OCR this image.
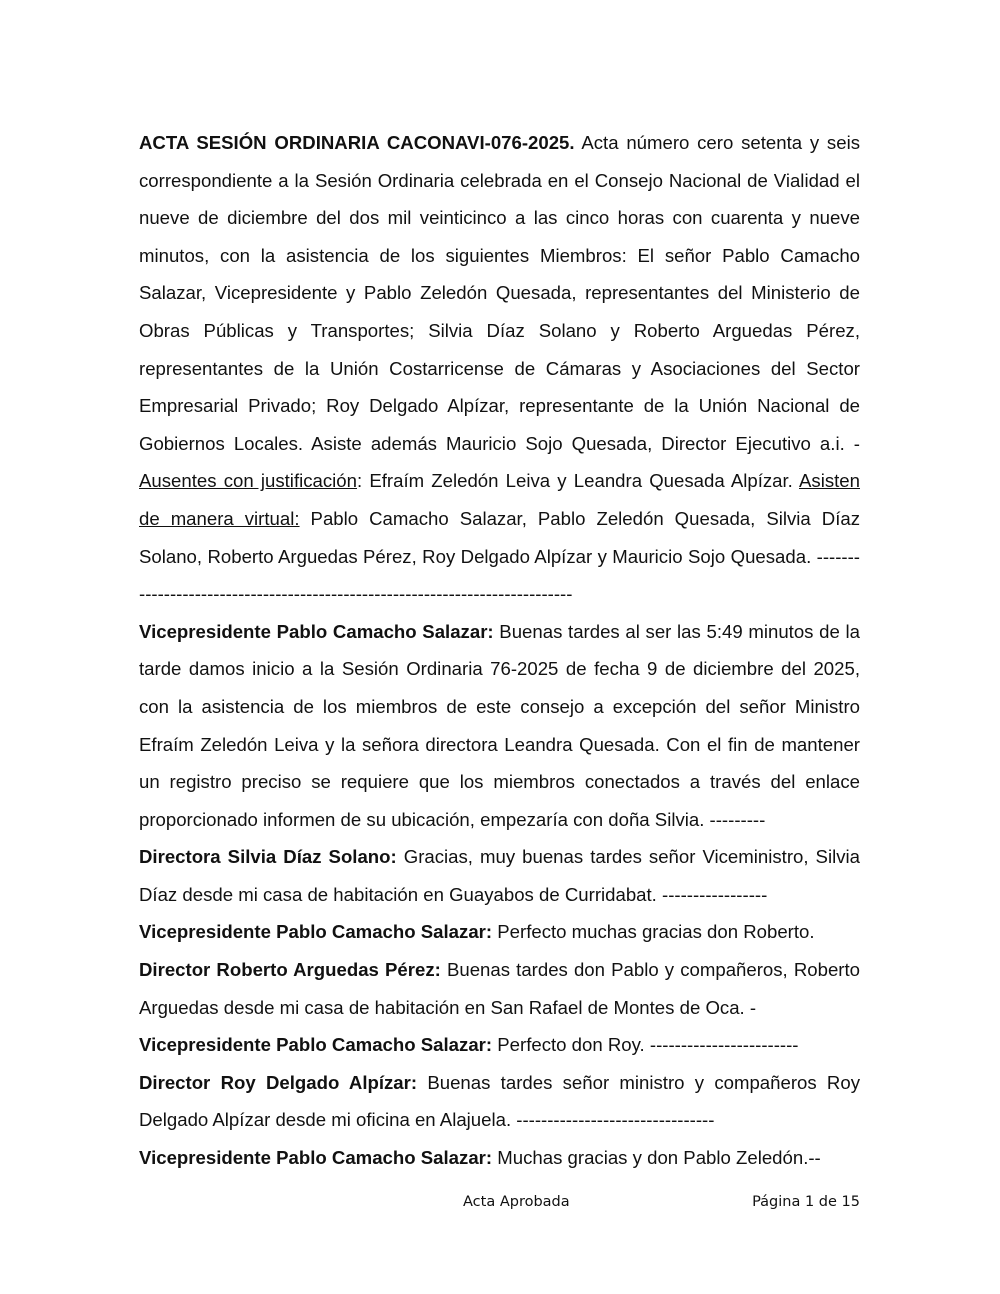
ACTA SESIÓN ORDINARIA CACONAVI-076-2025. Acta número cero setenta y seis correspondiente a la Sesión Ordinaria celebrada en el Consejo Nacional de Vialidad el nueve de diciembre del dos mil veinticinco a las cinco horas con cuarenta y nueve minutos, con la asistencia de los siguientes Miembros: El señor Pablo Camacho Salazar, Vicepresidente y Pablo Zeledón Quesada, representantes del Ministerio de Obras Públicas y Transportes; Silvia Díaz Solano y Roberto Arguedas Pérez, representantes de la Unión Costarricense de Cámaras y Asociaciones del Sector Empresarial Privado; Roy Delgado Alpízar, representante de la Unión Nacional de Gobiernos Locales. Asiste además Mauricio Sojo Quesada, Director Ejecutivo a.i. -Ausentes con justificación: Efraím Zeledón Leiva y Leandra Quesada Alpízar. Asisten de manera virtual: Pablo Camacho Salazar, Pablo Zeledón Quesada, Silvia Díaz Solano, Roberto Arguedas Pérez, Roy Delgado Alpízar y Mauricio Sojo Quesada. -----------------------------------------------------------------------------

Vicepresidente Pablo Camacho Salazar: Buenas tardes al ser las 5:49 minutos de la tarde damos inicio a la Sesión Ordinaria 76-2025 de fecha 9 de diciembre del 2025, con la asistencia de los miembros de este consejo a excepción del señor Ministro Efraím Zeledón Leiva y la señora directora Leandra Quesada. Con el fin de mantener un registro preciso se requiere que los miembros conectados a través del enlace proporcionado informen de su ubicación, empezaría con doña Silvia. ---------

Directora Silvia Díaz Solano: Gracias, muy buenas tardes señor Viceministro, Silvia Díaz desde mi casa de habitación en Guayabos de Curridabat. -----------------

Vicepresidente Pablo Camacho Salazar: Perfecto muchas gracias don Roberto.

Director Roberto Arguedas Pérez: Buenas tardes don Pablo y compañeros, Roberto Arguedas desde mi casa de habitación en San Rafael de Montes de Oca. -

Vicepresidente Pablo Camacho Salazar: Perfecto don Roy. ------------------------

Director Roy Delgado Alpízar: Buenas tardes señor ministro y compañeros Roy Delgado Alpízar desde mi oficina en Alajuela. --------------------------------

Vicepresidente Pablo Camacho Salazar: Muchas gracias y don Pablo Zeledón.--

Acta Aprobada	Página 1 de 15
